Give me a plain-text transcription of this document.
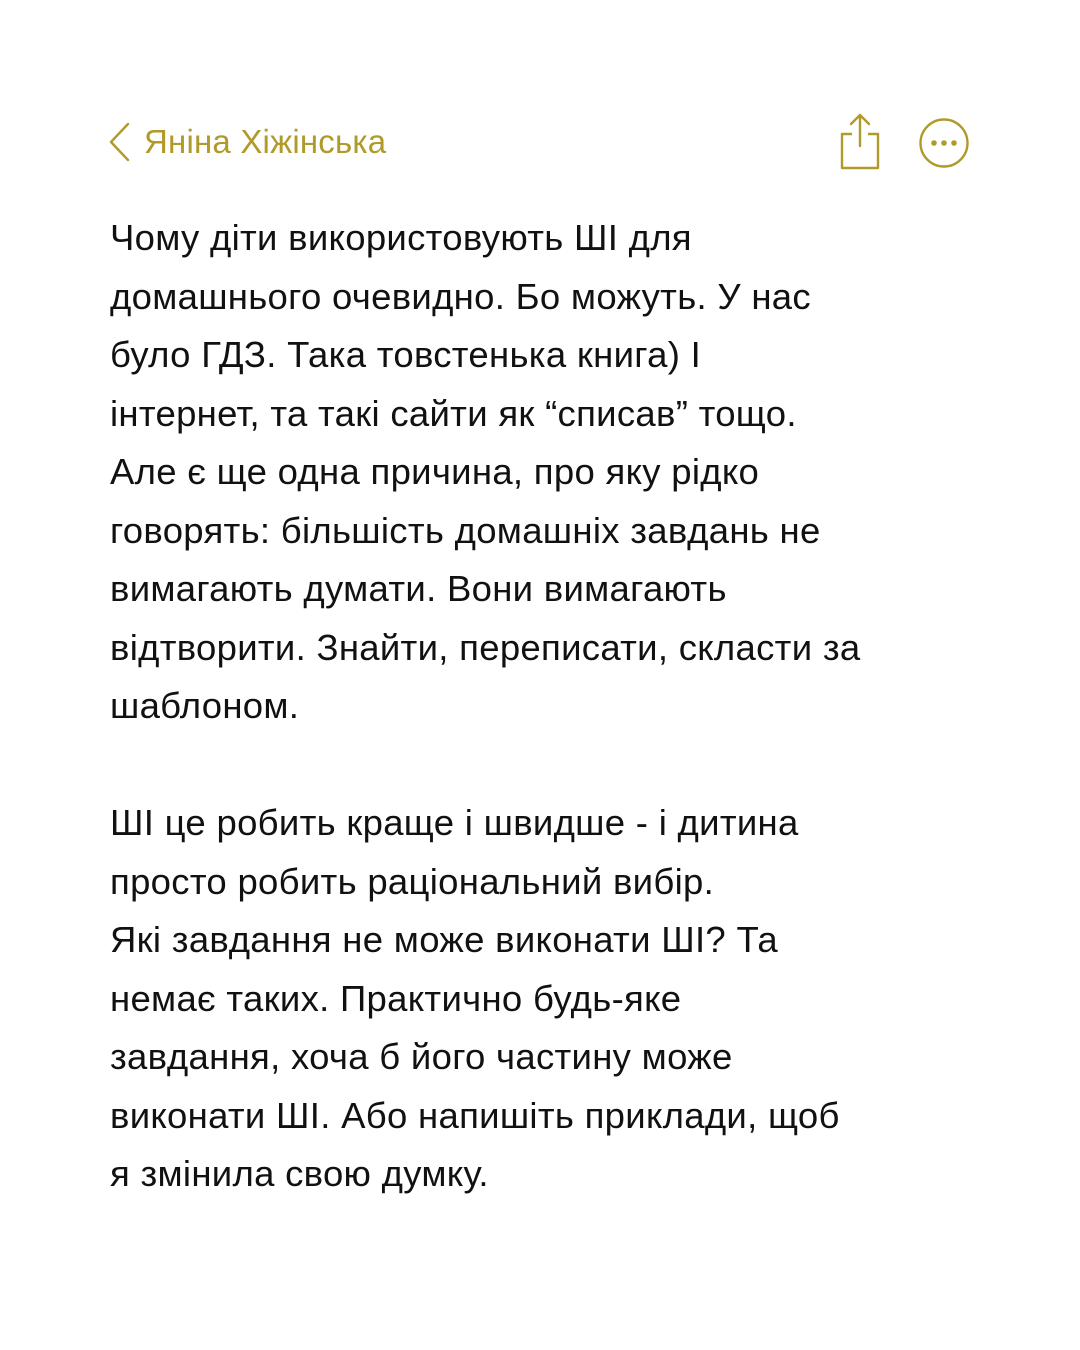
Яніна Хіжінська
Чому діти використовують ШІ для
домашнього очевидно. Бо можуть. У нас
було ГДЗ. Така товстенька книга) І
інтернет, та такі сайти як “списав” тощо.
Але є ще одна причина, про яку рідко
говорять: більшість домашніх завдань не
вимагають думати. Вони вимагають
відтворити. Знайти, переписати, скласти за
шаблоном.
ШІ це робить краще і швидше - і дитина
просто робить раціональний вибір.
Які завдання не може виконати ШІ? Та
немає таких. Практично будь-яке
завдання, хоча б його частину може
виконати ШІ. Або напишіть приклади, щоб
я змінила свою думку.
